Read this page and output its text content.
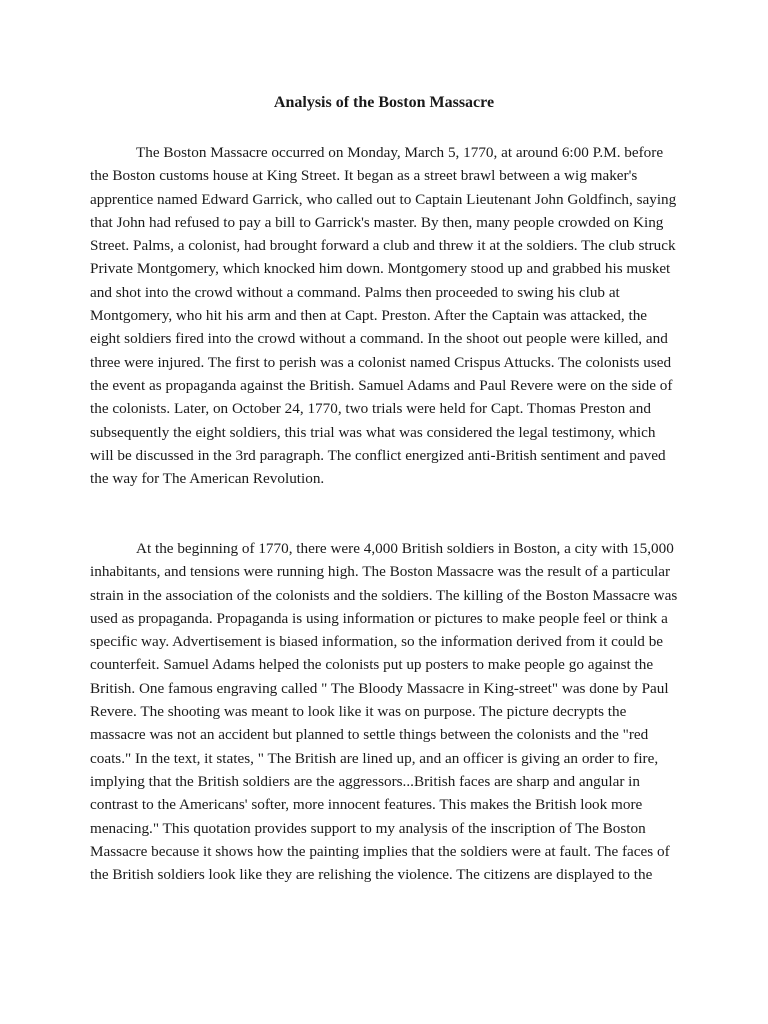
Analysis of the Boston Massacre

The Boston Massacre occurred on Monday, March 5, 1770, at around 6:00 P.M. before the Boston customs house at King Street. It began as a street brawl between a wig maker's apprentice named Edward Garrick, who called out to Captain Lieutenant John Goldfinch, saying that John had refused to pay a bill to Garrick's master. By then, many people crowded on King Street. Palms, a colonist, had brought forward a club and threw it at the soldiers. The club struck Private Montgomery, which knocked him down. Montgomery stood up and grabbed his musket and shot into the crowd without a command. Palms then proceeded to swing his club at Montgomery, who hit his arm and then at Capt. Preston. After the Captain was attacked, the eight soldiers fired into the crowd without a command. In the shoot out people were killed, and three were injured. The first to perish was a colonist named Crispus Attucks. The colonists used the event as propaganda against the British. Samuel Adams and Paul Revere were on the side of the colonists. Later, on October 24, 1770, two trials were held for Capt. Thomas Preston and subsequently the eight soldiers, this trial was what was considered the legal testimony, which will be discussed in the 3rd paragraph. The conflict energized anti-British sentiment and paved the way for The American Revolution.

At the beginning of 1770, there were 4,000 British soldiers in Boston, a city with 15,000 inhabitants, and tensions were running high. The Boston Massacre was the result of a particular strain in the association of the colonists and the soldiers. The killing of the Boston Massacre was used as propaganda. Propaganda is using information or pictures to make people feel or think a specific way. Advertisement is biased information, so the information derived from it could be counterfeit. Samuel Adams helped the colonists put up posters to make people go against the British. One famous engraving called " The Bloody Massacre in King-street" was done by Paul Revere. The shooting was meant to look like it was on purpose. The picture decrypts the massacre was not an accident but planned to settle things between the colonists and the "red coats." In the text, it states, " The British are lined up, and an officer is giving an order to fire, implying that the British soldiers are the aggressors...British faces are sharp and angular in contrast to the Americans' softer, more innocent features. This makes the British look more menacing." This quotation provides support to my analysis of the inscription of The Boston Massacre because it shows how the painting implies that the soldiers were at fault. The faces of the British soldiers look like they are relishing the violence. The citizens are displayed to the
